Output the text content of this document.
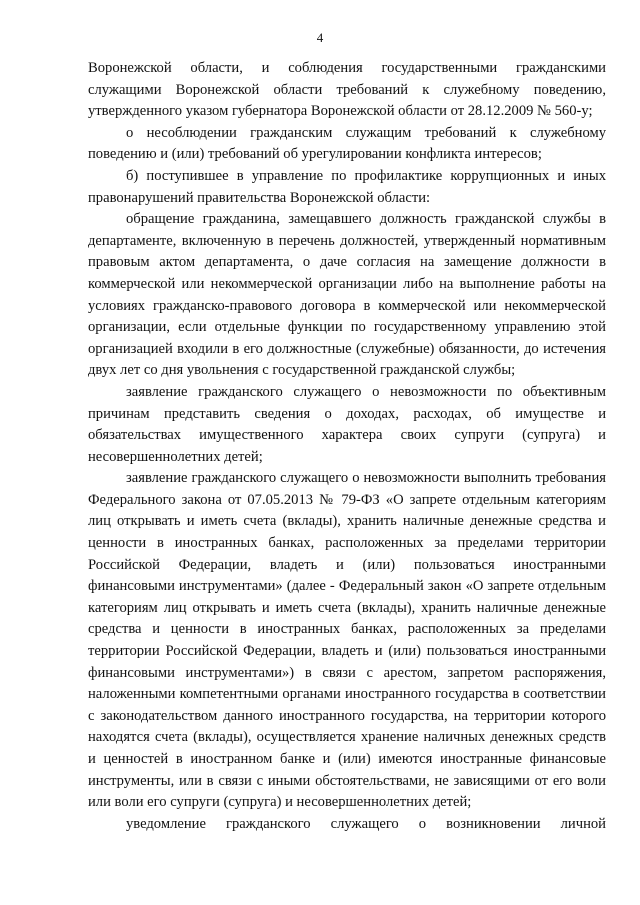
4

Воронежской области, и соблюдения государственными гражданскими служащими Воронежской области требований к служебному поведению, утвержденного указом губернатора Воронежской области от 28.12.2009 № 560-у;

о несоблюдении гражданским служащим требований к служебному поведению и (или) требований об урегулировании конфликта интересов;

б) поступившее в управление по профилактике коррупционных и иных правонарушений правительства Воронежской области:

обращение гражданина, замещавшего должность гражданской службы в департаменте, включенную в перечень должностей, утвержденный нормативным правовым актом департамента, о даче согласия на замещение должности в коммерческой или некоммерческой организации либо на выполнение работы на условиях гражданско-правового договора в коммерческой или некоммерческой организации, если отдельные функции по государственному управлению этой организацией входили в его должностные (служебные) обязанности, до истечения двух лет со дня увольнения с государственной гражданской службы;

заявление гражданского служащего о невозможности по объективным причинам представить сведения о доходах, расходах, об имуществе и обязательствах имущественного характера своих супруги (супруга) и несовершеннолетних детей;

заявление гражданского служащего о невозможности выполнить требования Федерального закона от 07.05.2013 № 79-ФЗ «О запрете отдельным категориям лиц открывать и иметь счета (вклады), хранить наличные денежные средства и ценности в иностранных банках, расположенных за пределами территории Российской Федерации, владеть и (или) пользоваться иностранными финансовыми инструментами» (далее - Федеральный закон «О запрете отдельным категориям лиц открывать и иметь счета (вклады), хранить наличные денежные средства и ценности в иностранных банках, расположенных за пределами территории Российской Федерации, владеть и (или) пользоваться иностранными финансовыми инструментами») в связи с арестом, запретом распоряжения, наложенными компетентными органами иностранного государства в соответствии с законодательством данного иностранного государства, на территории которого находятся счета (вклады), осуществляется хранение наличных денежных средств и ценностей в иностранном банке и (или) имеются иностранные финансовые инструменты, или в связи с иными обстоятельствами, не зависящими от его воли или воли его супруги (супруга) и несовершеннолетних детей;

уведомление гражданского служащего о возникновении личной
